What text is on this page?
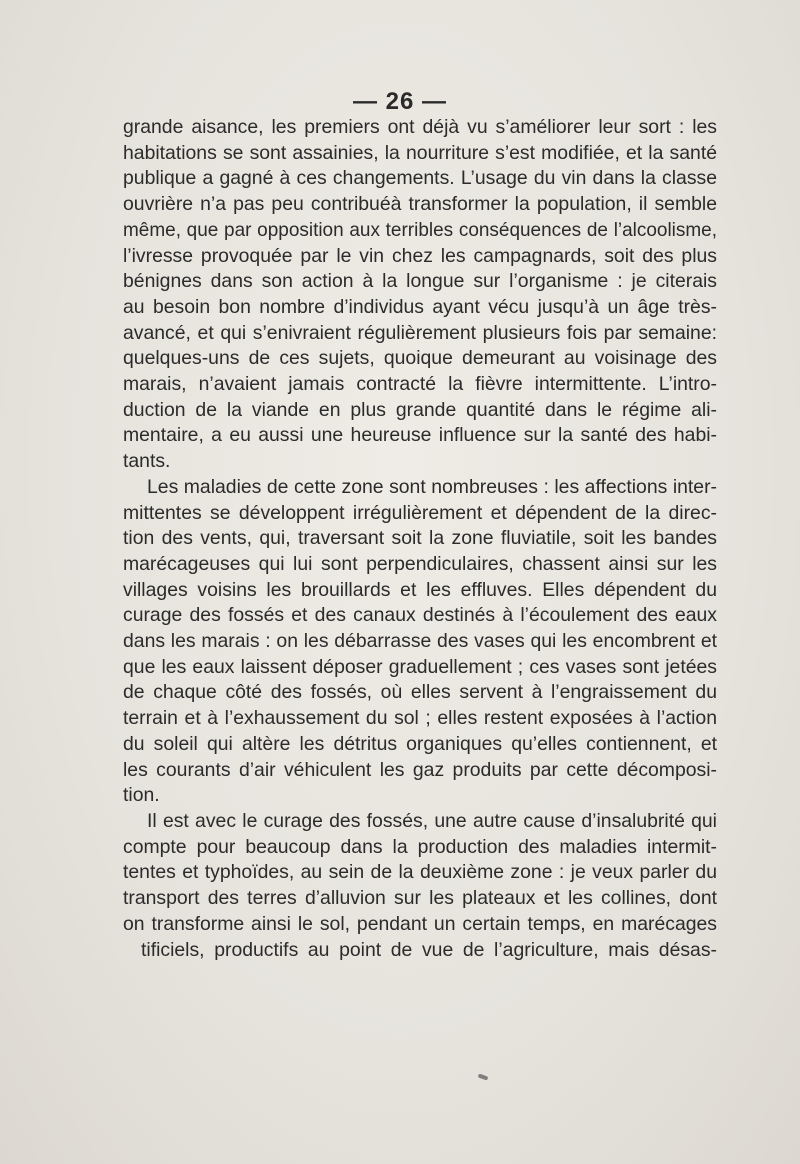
— 26 —
grande aisance, les premiers ont déjà vu s’améliorer leur sort : les
habitations se sont assainies, la nourriture s’est modifiée, et la santé
publique a gagné à ces changements. L’usage du vin dans la classe
ouvrière n’a pas peu contribuéà transformer la population, il semble
même, que par opposition aux terribles conséquences de l’alcoolisme,
l’ivresse provoquée par le vin chez les campagnards, soit des plus
bénignes dans son action à la longue sur l’organisme : je citerais
au besoin bon nombre d’individus ayant vécu jusqu’à un âge très-
avancé, et qui s’enivraient régulièrement plusieurs fois par semaine:
quelques-uns de ces sujets, quoique demeurant au voisinage des
marais, n’avaient jamais contracté la fièvre intermittente. L’intro-
duction de la viande en plus grande quantité dans le régime ali-
mentaire, a eu aussi une heureuse influence sur la santé des habi-
tants.
Les maladies de cette zone sont nombreuses : les affections inter-
mittentes se développent irrégulièrement et dépendent de la direc-
tion des vents, qui, traversant soit la zone fluviatile, soit les bandes
marécageuses qui lui sont perpendiculaires, chassent ainsi sur les
villages voisins les brouillards et les effluves. Elles dépendent du
curage des fossés et des canaux destinés à l’écoulement des eaux
dans les marais : on les débarrasse des vases qui les encombrent et
que les eaux laissent déposer graduellement ; ces vases sont jetées
de chaque côté des fossés, où elles servent à l’engraissement du
terrain et à l’exhaussement du sol ; elles restent exposées à l’action
du soleil qui altère les détritus organiques qu’elles contiennent, et
les courants d’air véhiculent les gaz produits par cette décomposi-
tion.
Il est avec le curage des fossés, une autre cause d’insalubrité qui
compte pour beaucoup dans la production des maladies intermit-
tentes et typhoïdes, au sein de la deuxième zone : je veux parler du
transport des terres d’alluvion sur les plateaux et les collines, dont
on transforme ainsi le sol, pendant un certain temps, en marécages
tificiels, productifs au point de vue de l’agriculture, mais désas-
